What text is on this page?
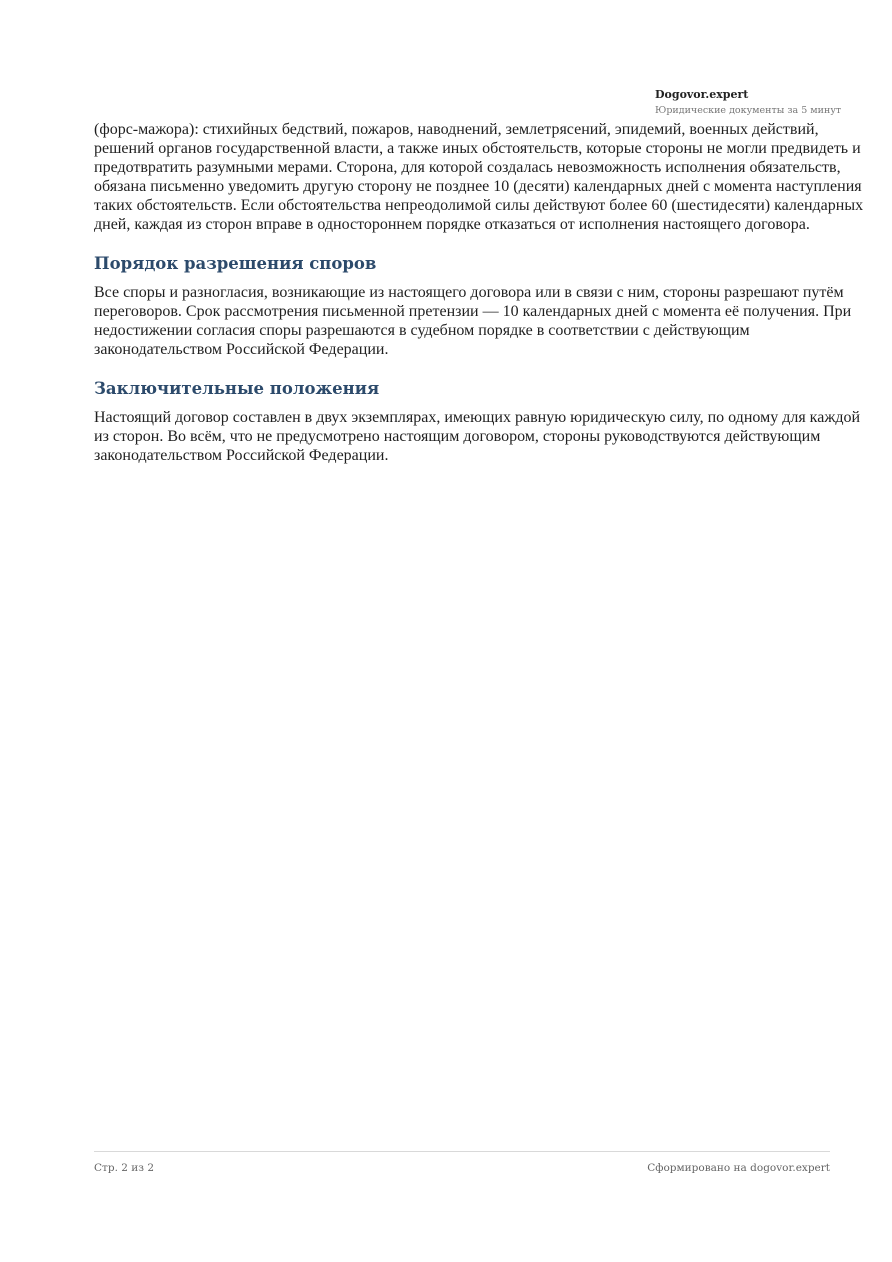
Dogovor.expert
Юридические документы за 5 минут

(форс-мажора): стихийных бедствий, пожаров, наводнений, землетрясений, эпидемий, военных действий, решений органов государственной власти, а также иных обстоятельств, которые стороны не могли предвидеть и предотвратить разумными мерами. Сторона, для которой создалась невозможность исполнения обязательств, обязана письменно уведомить другую сторону не позднее 10 (десяти) календарных дней с момента наступления таких обстоятельств. Если обстоятельства непреодолимой силы действуют более 60 (шестидесяти) календарных дней, каждая из сторон вправе в одностороннем порядке отказаться от исполнения настоящего договора.

Порядок разрешения споров

Все споры и разногласия, возникающие из настоящего договора или в связи с ним, стороны разрешают путём переговоров. Срок рассмотрения письменной претензии — 10 календарных дней с момента её получения. При недостижении согласия споры разрешаются в судебном порядке в соответствии с действующим законодательством Российской Федерации.

Заключительные положения

Настоящий договор составлен в двух экземплярах, имеющих равную юридическую силу, по одному для каждой из сторон. Во всём, что не предусмотрено настоящим договором, стороны руководствуются действующим законодательством Российской Федерации.

Стр. 2 из 2	Сформировано на dogovor.expert
